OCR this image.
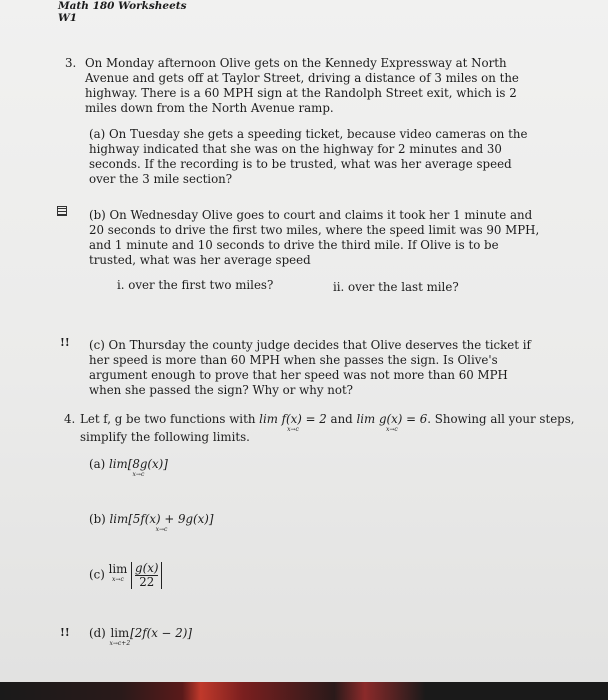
Math 180 Worksheets
W1
3. On Monday afternoon Olive gets on the Kennedy Expressway at North Avenue and gets off at Taylor Street, driving a distance of 3 miles on the highway. There is a 60 MPH sign at the Randolph Street exit, which is 2 miles down from the North Avenue ramp.
(a) On Tuesday she gets a speeding ticket, because video cameras on the highway indicated that she was on the highway for 2 minutes and 30 seconds. If the recording is to be trusted, what was her average speed over the 3 mile section?
(b) On Wednesday Olive goes to court and claims it took her 1 minute and 20 seconds to drive the first two miles, where the speed limit was 90 MPH, and 1 minute and 10 seconds to drive the third mile. If Olive is to be trusted, what was her average speed
i. over the first two miles?	ii. over the last mile?
!! (c) On Thursday the county judge decides that Olive deserves the ticket if her speed is more than 60 MPH when she passes the sign. Is Olive's argument enough to prove that her speed was not more than 60 MPH when she passed the sign? Why or why not?
4. Let f, g be two functions with lim f(x) = 2
x→c
and lim g(x) = 6
x→c
. Showing all your steps,
simplify the following limits.
(a) lim[8g(x)]
x→c
(b) lim[5f(x) + 9g(x)]
x→c
(c) lim
x→c
$\frac{g(x)}{22}$
!! (d) lim
x→c+2
[2f(x − 2)]
